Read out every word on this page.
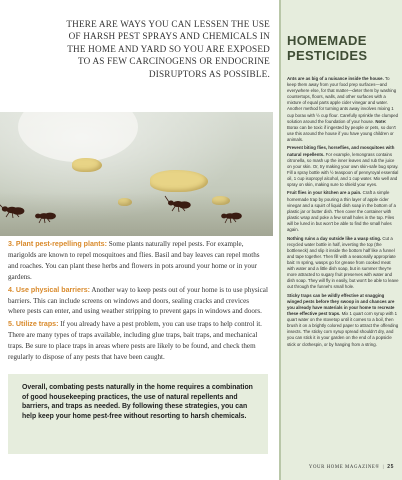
THERE ARE WAYS YOU CAN LESSEN THE USE OF HARSH PEST SPRAYS AND CHEMICALS IN THE HOME AND YARD SO YOU ARE EXPOSED TO AS FEW CARCINOGENS OR ENDOCRINE DISRUPTORS AS POSSIBLE.

3. Plant pest-repelling plants: Some plants naturally repel pests. For example, marigolds are known to repel mosquitoes and flies. Basil and bay leaves can repel moths and roaches. You can plant these herbs and flowers in pots around your home or in your gardens.

4. Use physical barriers: Another way to keep pests out of your home is to use physical barriers. This can include screens on windows and doors, sealing cracks and crevices where pests can enter, and using weather stripping to prevent gaps in windows and doors.

5. Utilize traps: If you already have a pest problem, you can use traps to help control it. There are many types of traps available, including glue traps, bait traps, and mechanical traps. Be sure to place traps in areas where pests are likely to be found, and check them regularly to dispose of any pests that have been caught.

Overall, combating pests naturally in the home requires a combination of good housekeeping practices, the use of natural repellents and barriers, and traps as needed. By following these strategies, you can help keep your home pest-free without resorting to harsh chemicals.
HOMEMADE PESTICIDES

Ants are as big of a nuisance inside the house. To keep them away from your food prep surfaces—and everywhere else, for that matter—deter them by washing countertops, floors, walls, and other surfaces with a mixture of equal parts apple cider vinegar and water. Another method for turning ants away involves mixing 1 cup borax with ½ cup flour. Carefully sprinkle the clumped solution around the foundation of your house. Note: Borax can be toxic if ingested by people or pets, so don't use this around the house if you have young children or animals.

Prevent biting flies, horseflies, and mosquitoes with natural repellents. For example, lemongrass contains citronella, so mash up the inner leaves and rub the juice on your skin. Or, try making your own skin-safe bug spray. Fill a spray bottle with ½ teaspoon of pennyroyal essential oil, 1 cup isopropyl alcohol, and 1 cup water. Mix well and spray on skin, making sure to shield your eyes.

Fruit flies in your kitchen are a pain. Craft a simple homemade trap by pouring a thin layer of apple cider vinegar and a squirt of liquid dish soap in the bottom of a plastic jar or butter dish. Then cover the container with plastic wrap and poke a few small holes in the top. Files will be lured in but won't be able to find the small holes again.

Nothing ruins a day outside like a wasp sting. Cut a recycled water bottle in half, inverting the top (the bottleneck) and slip it inside the bottom half like a funnel and tape together. Then fill with a seasonally appropriate bait: In spring, wasps go for grease from cooked meat with water and a little dish soap, but in summer they're more attracted to sugary fruit preserves with water and dish soap. They will fly in easily, but won't be able to leave out through the funnel's small hole.

Sticky traps can be wildly effective at snagging winged pests before they swoop in and chances are you already have materials in your home to recreate these effective pest traps. Mix 1 quart corn syrup with 1 quart water on the stovetop until it comes to a boil, then brush it on a brightly colored paper to attract the offending insects. The sticky corn syrup spread shouldn't dry, and you can stick it in your garden on the end of a popsicle stick or clothespin, or by hanging from a string.

YOUR HOME MAGAZINE® | 25
